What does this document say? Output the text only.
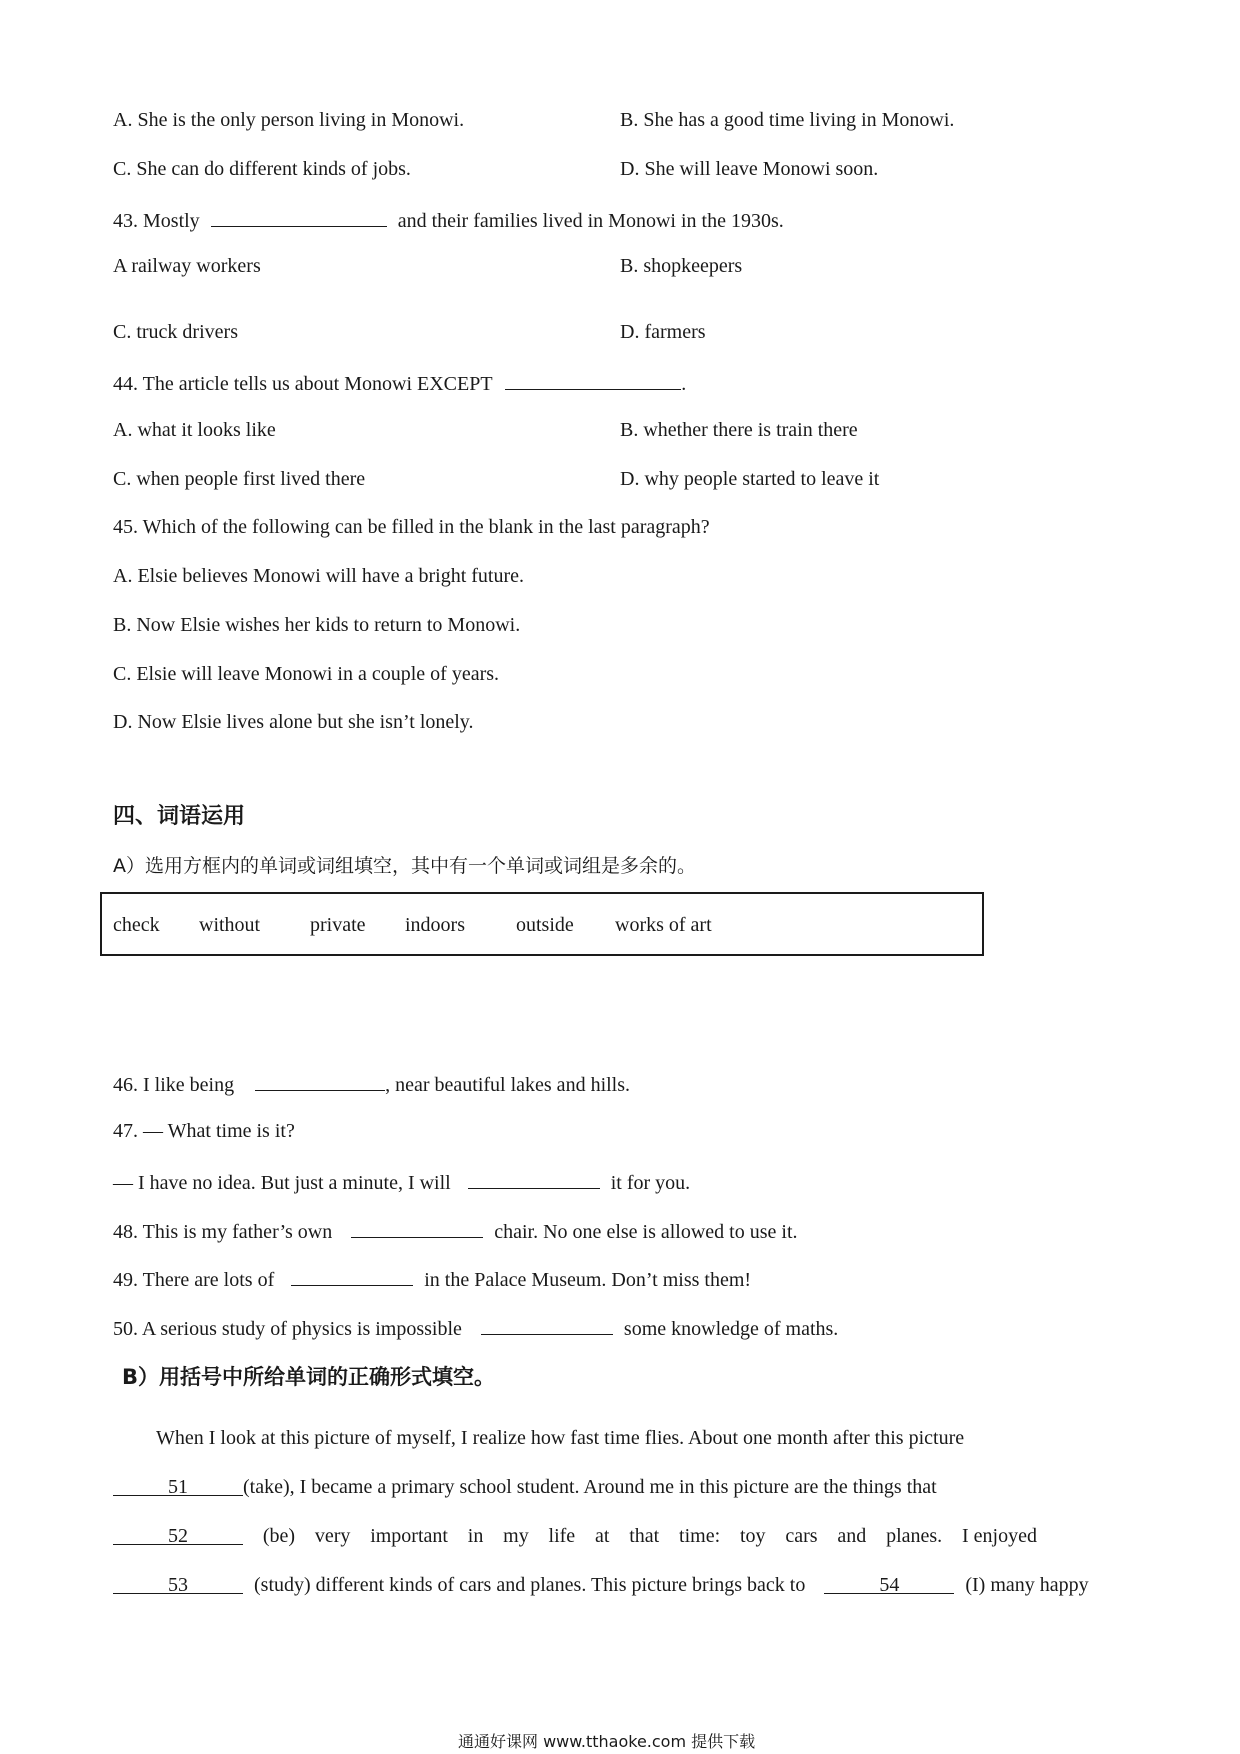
A. She is the only person living in Monowi.	B. She has a good time living in Monowi.
C. She can do different kinds of jobs.	D. She will leave Monowi soon.
43. Mostly	and their families lived in Monowi in the 1930s.
A railway workers	B. shopkeepers
C. truck drivers	D. farmers
44. The article tells us about Monowi EXCEPT	.
A. what it looks like	B. whether there is train there
C. when people first lived there	D. why people started to leave it
45. Which of the following can be filled in the blank in the last paragraph?
A. Elsie believes Monowi will have a bright future.
B. Now Elsie wishes her kids to return to Monowi.
C. Elsie will leave Monowi in a couple of years.
D. Now Elsie lives alone but she isn’t lonely.
四、词语运用
A）选用方框内的单词或词组填空，其中有一个单词或词组是多余的。
check without private indoors	outside works of art
46. I like being	, near beautiful lakes and hills.
47. — What time is it?
— I have no idea. But just a minute, I will	it for you.
48. This is my father’s own	chair. No one else is allowed to use it.
49. There are lots of	in the Palace Museum. Don’t miss them!
50. A serious study of physics is impossible	some knowledge of maths.
B）用括号中所给单词的正确形式填空。
When I look at this picture of myself, I realize how fast time flies. About one month after this picture
51	(take), I became a primary school student. Around me in this picture are the things that
52	(be) very important in my life at that time: toy cars and planes. I enjoyed
53	(study) different kinds of cars and planes. This picture brings back to	54	(I) many happy
通通好课网 www.tthaoke.com 提供下载
